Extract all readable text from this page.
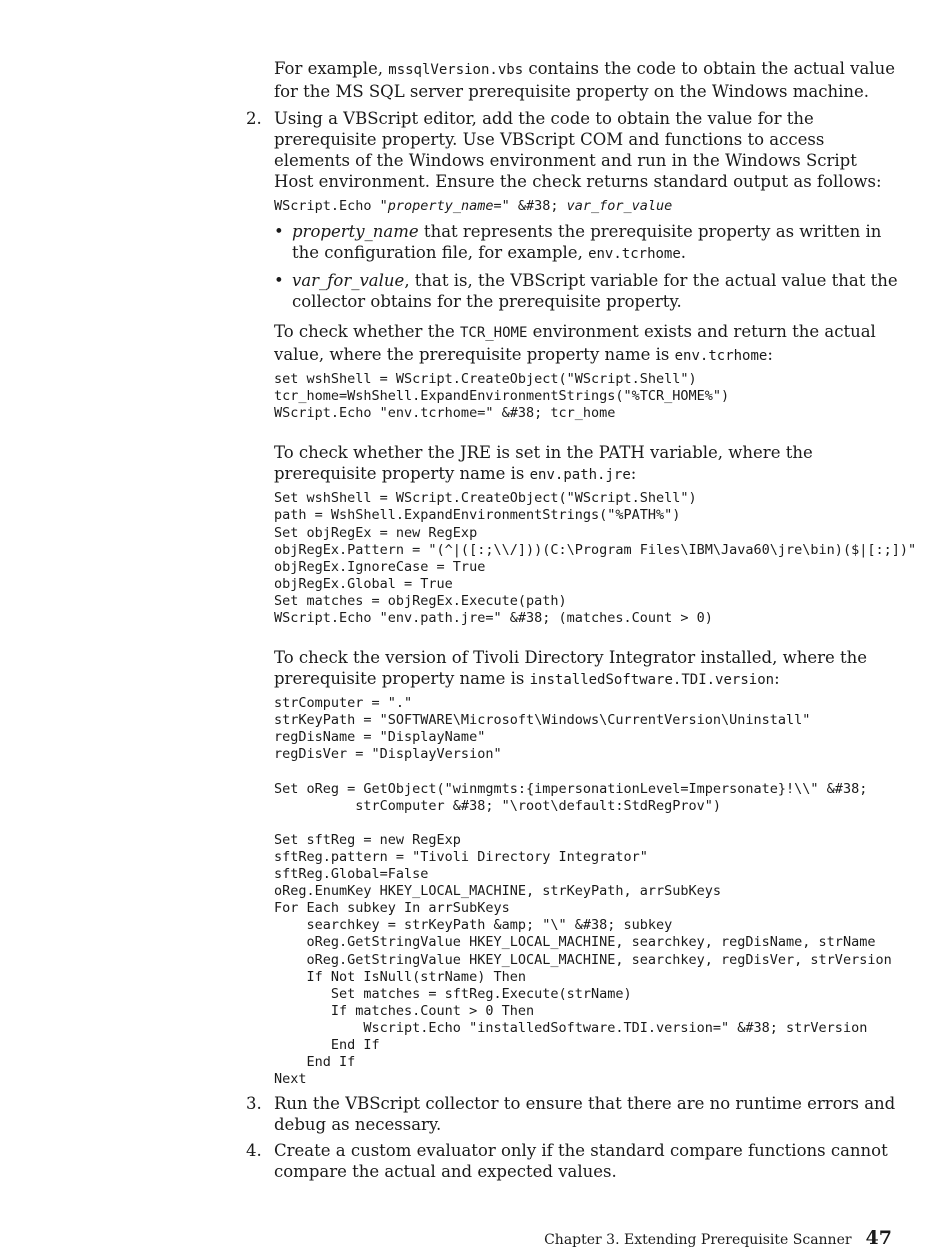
For example, mssqlVersion.vbs contains the code to obtain the actual value for the MS SQL server prerequisite property on the Windows machine.

2. Using a VBScript editor, add the code to obtain the value for the prerequisite property. Use VBScript COM and functions to access elements of the Windows environment and run in the Windows Script Host environment. Ensure the check returns standard output as follows:

WScript.Echo "property_name=" &#38; var_for_value
• property_name that represents the prerequisite property as written in the configuration file, for example, env.tcrhome.
• var_for_value, that is, the VBScript variable for the actual value that the collector obtains for the prerequisite property.

To check whether the TCR_HOME environment exists and return the actual value, where the prerequisite property name is env.tcrhome:

set wshShell = WScript.CreateObject("WScript.Shell")
tcr_home=WshShell.ExpandEnvironmentStrings("%TCR_HOME%")
WScript.Echo "env.tcrhome=" &#38; tcr_home

To check whether the JRE is set in the PATH variable, where the prerequisite property name is env.path.jre:

Set wshShell = WScript.CreateObject("WScript.Shell")
path = WshShell.ExpandEnvironmentStrings("%PATH%")
Set objRegEx = new RegExp
objRegEx.Pattern = "(^|([:;\\/]))(C:\Program Files\IBM\Java60\jre\bin)($|[:;])"
objRegEx.IgnoreCase = True
objRegEx.Global = True
Set matches = objRegEx.Execute(path)
WScript.Echo "env.path.jre=" &#38; (matches.Count > 0)

To check the version of Tivoli Directory Integrator installed, where the prerequisite property name is installedSoftware.TDI.version:

strComputer = "."
strKeyPath = "SOFTWARE\Microsoft\Windows\CurrentVersion\Uninstall"
regDisName = "DisplayName"
regDisVer = "DisplayVersion"

Set oReg = GetObject("winmgmts:{impersonationLevel=Impersonate}!\\" &#38;
strComputer &#38; "\root\default:StdRegProv")

Set sftReg = new RegExp
sftReg.pattern = "Tivoli Directory Integrator"
sftReg.Global=False
oReg.EnumKey HKEY_LOCAL_MACHINE, strKeyPath, arrSubKeys
For Each subkey In arrSubKeys
searchkey = strKeyPath &amp; "\" &#38; subkey
oReg.GetStringValue HKEY_LOCAL_MACHINE, searchkey, regDisName, strName
oReg.GetStringValue HKEY_LOCAL_MACHINE, searchkey, regDisVer, strVersion
If Not IsNull(strName) Then
Set matches = sftReg.Execute(strName)
If matches.Count > 0 Then
Wscript.Echo "installedSoftware.TDI.version=" &#38; strVersion
End If
End If
Next
3. Run the VBScript collector to ensure that there are no runtime errors and debug as necessary.

4. Create a custom evaluator only if the standard compare functions cannot compare the actual and expected values.

Chapter 3. Extending Prerequisite Scanner 47
